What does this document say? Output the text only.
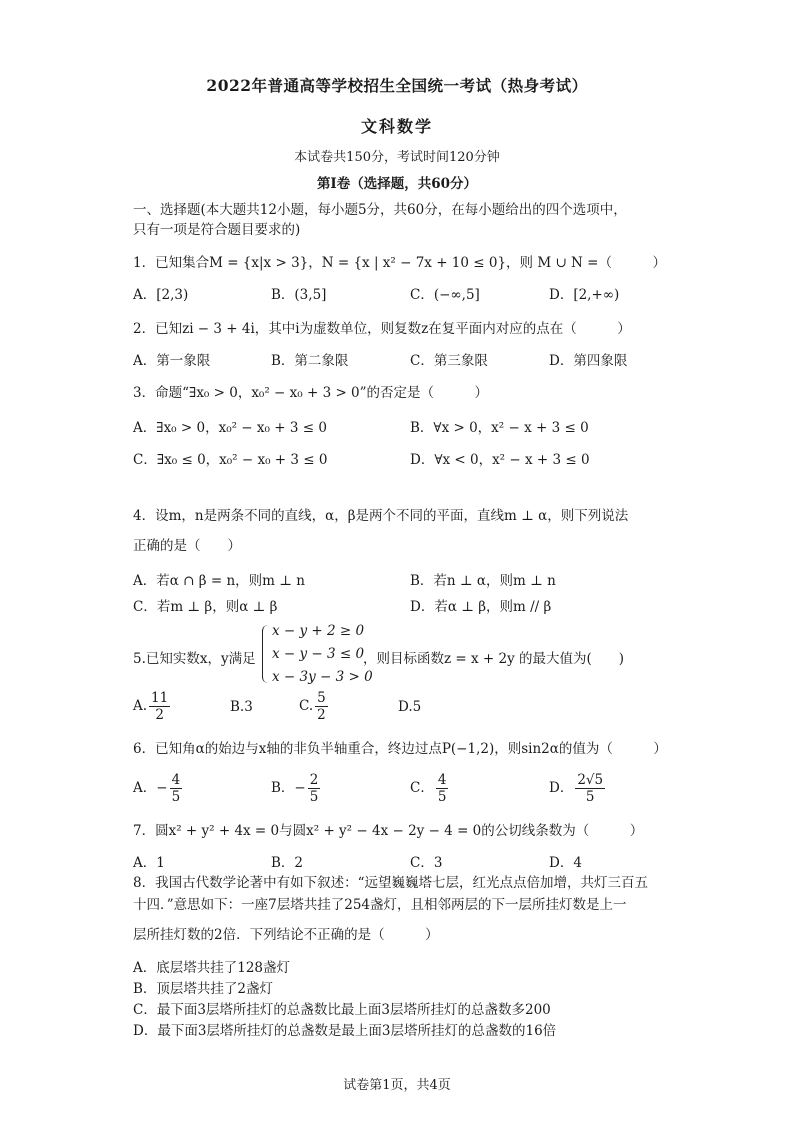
2022年普通高等学校招生全国统一考试（热身考试）
文科数学
本试卷共150分，考试时间120分钟
第I卷（选择题，共60分）
一、选择题(本大题共12小题，每小题5分，共60分，在每小题给出的四个选项中，
只有一项是符合题目要求的)
1．已知集合M = {x|x > 3}，N = {x | x² − 7x + 10 ≤ 0}，则 M ∪ N =（　　　）
A．[2,3)	B．(3,5]	C．(−∞,5]	D．[2,+∞)
2．已知zi − 3 + 4i，其中i为虚数单位，则复数z在复平面内对应的点在（　　　）
A．第一象限	B．第二象限	C．第三象限	D．第四象限
3．命题“∃x₀ > 0，x₀² − x₀ + 3 > 0”的否定是（　　　）
A．∃x₀ > 0，x₀² − x₀ + 3 ≤ 0	B．∀x > 0，x² − x + 3 ≤ 0
C．∃x₀ ≤ 0，x₀² − x₀ + 3 ≤ 0	D．∀x < 0，x² − x + 3 ≤ 0
4．设m，n是两条不同的直线，α，β是两个不同的平面，直线m ⊥ α，则下列说法
正确的是（　　）
A．若α ∩ β = n，则m ⊥ n	B．若n ⊥ α，则m ⊥ n
C．若m ⊥ β，则α ⊥ β	D．若α ⊥ β，则m // β
5.已知实数x，y满足
x − y + 2 ≥ 0
x − y − 3 ≤ 0
x − 3y − 3 > 0
，则目标函数z = x + 2y 的最大值为(　　)
A. $\frac{11}{2}$	B.3	C. $\frac{5}{2}$	D.5
6．已知角α的始边与x轴的非负半轴重合，终边过点P(−1,2)，则sin2α的值为（　　　）
A．− $\frac{4}{5}$	B．− $\frac{2}{5}$	C． $\frac{4}{5}$	D． $\frac{2√5}{5}$
7．圆x² + y² + 4x = 0与圆x² + y² − 4x − 2y − 4 = 0的公切线条数为（　　　）
A．1	B．2	C．3	D．4
8．我国古代数学论著中有如下叙述：“远望巍巍塔七层，红光点点倍加增，共灯三百五
十四．”意思如下：一座7层塔共挂了254盏灯，且相邻两层的下一层所挂灯数是上一
层所挂灯数的2倍．下列结论不正确的是（　　　）
A．底层塔共挂了128盏灯
B．顶层塔共挂了2盏灯
C．最下面3层塔所挂灯的总盏数比最上面3层塔所挂灯的总盏数多200
D．最下面3层塔所挂灯的总盏数是最上面3层塔所挂灯的总盏数的16倍
试卷第1页，共4页
